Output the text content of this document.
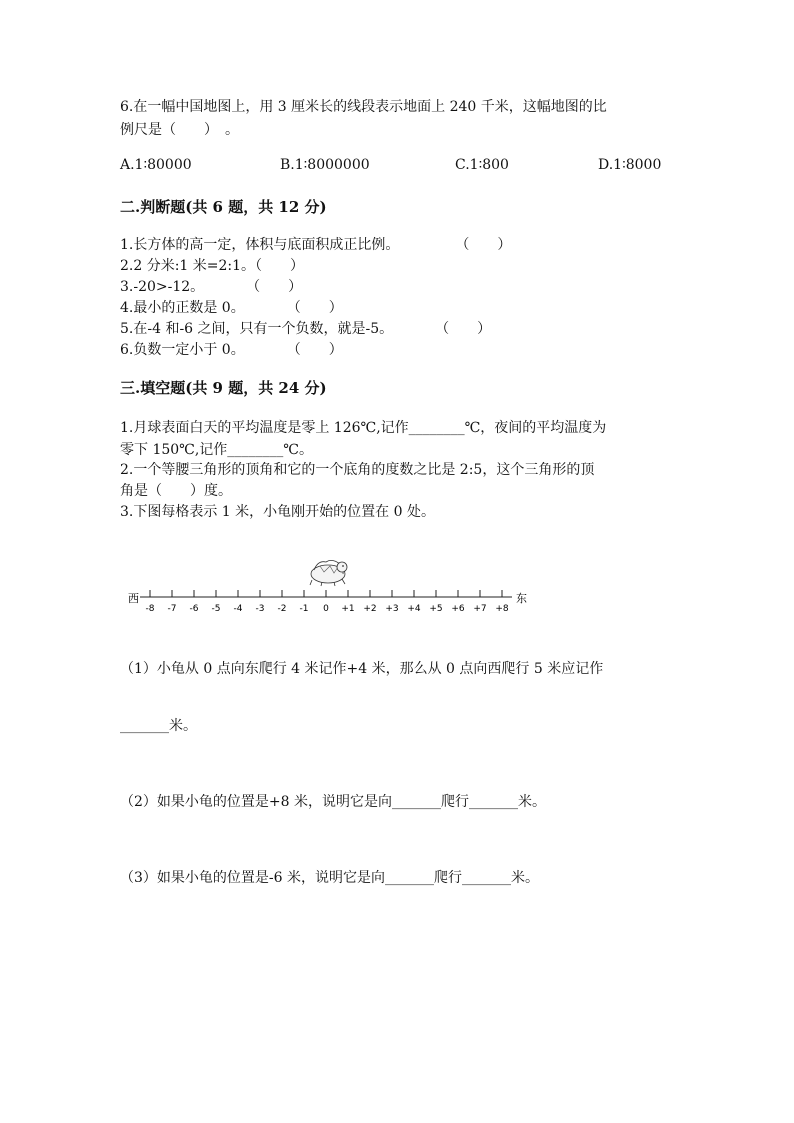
6.在一幅中国地图上，用 3 厘米长的线段表示地面上 240 千米，这幅地图的比
例尺是（　　）　。
A.1∶80000	B.1∶8000000	C.1∶800	D.1∶8000
二.判断题(共 6 题，共 12 分)
1.长方体的高一定，体积与底面积成正比例。　　　　　（　　）
2.2 分米:1 米=2:1。（　　）
3.-20>-12。　　　　（　　）
4.最小的正数是 0。　　　　（　　）
5.在-4 和-6 之间，只有一个负数，就是-5。　　　　（　　）
6.负数一定小于 0。　　　　（　　）
三.填空题(共 9 题，共 24 分)
1.月球表面白天的平均温度是零上 126℃,记作________℃，夜间的平均温度为
零下 150℃,记作________℃。
2.一个等腰三角形的顶角和它的一个底角的度数之比是 2:5，这个三角形的顶
角是（　　）度。
3.下图每格表示 1 米，小龟刚开始的位置在 0 处。
西
-8 -7 -6 -5 -4 -3 -2 -1 0 +1 +2 +3 +4 +5 +6 +7 +8
东
（1）小龟从 0 点向东爬行 4 米记作+4 米，那么从 0 点向西爬行 5 米应记作
_______米。
（2）如果小龟的位置是+8 米，说明它是向_______爬行_______米。
（3）如果小龟的位置是-6 米，说明它是向_______爬行_______米。
